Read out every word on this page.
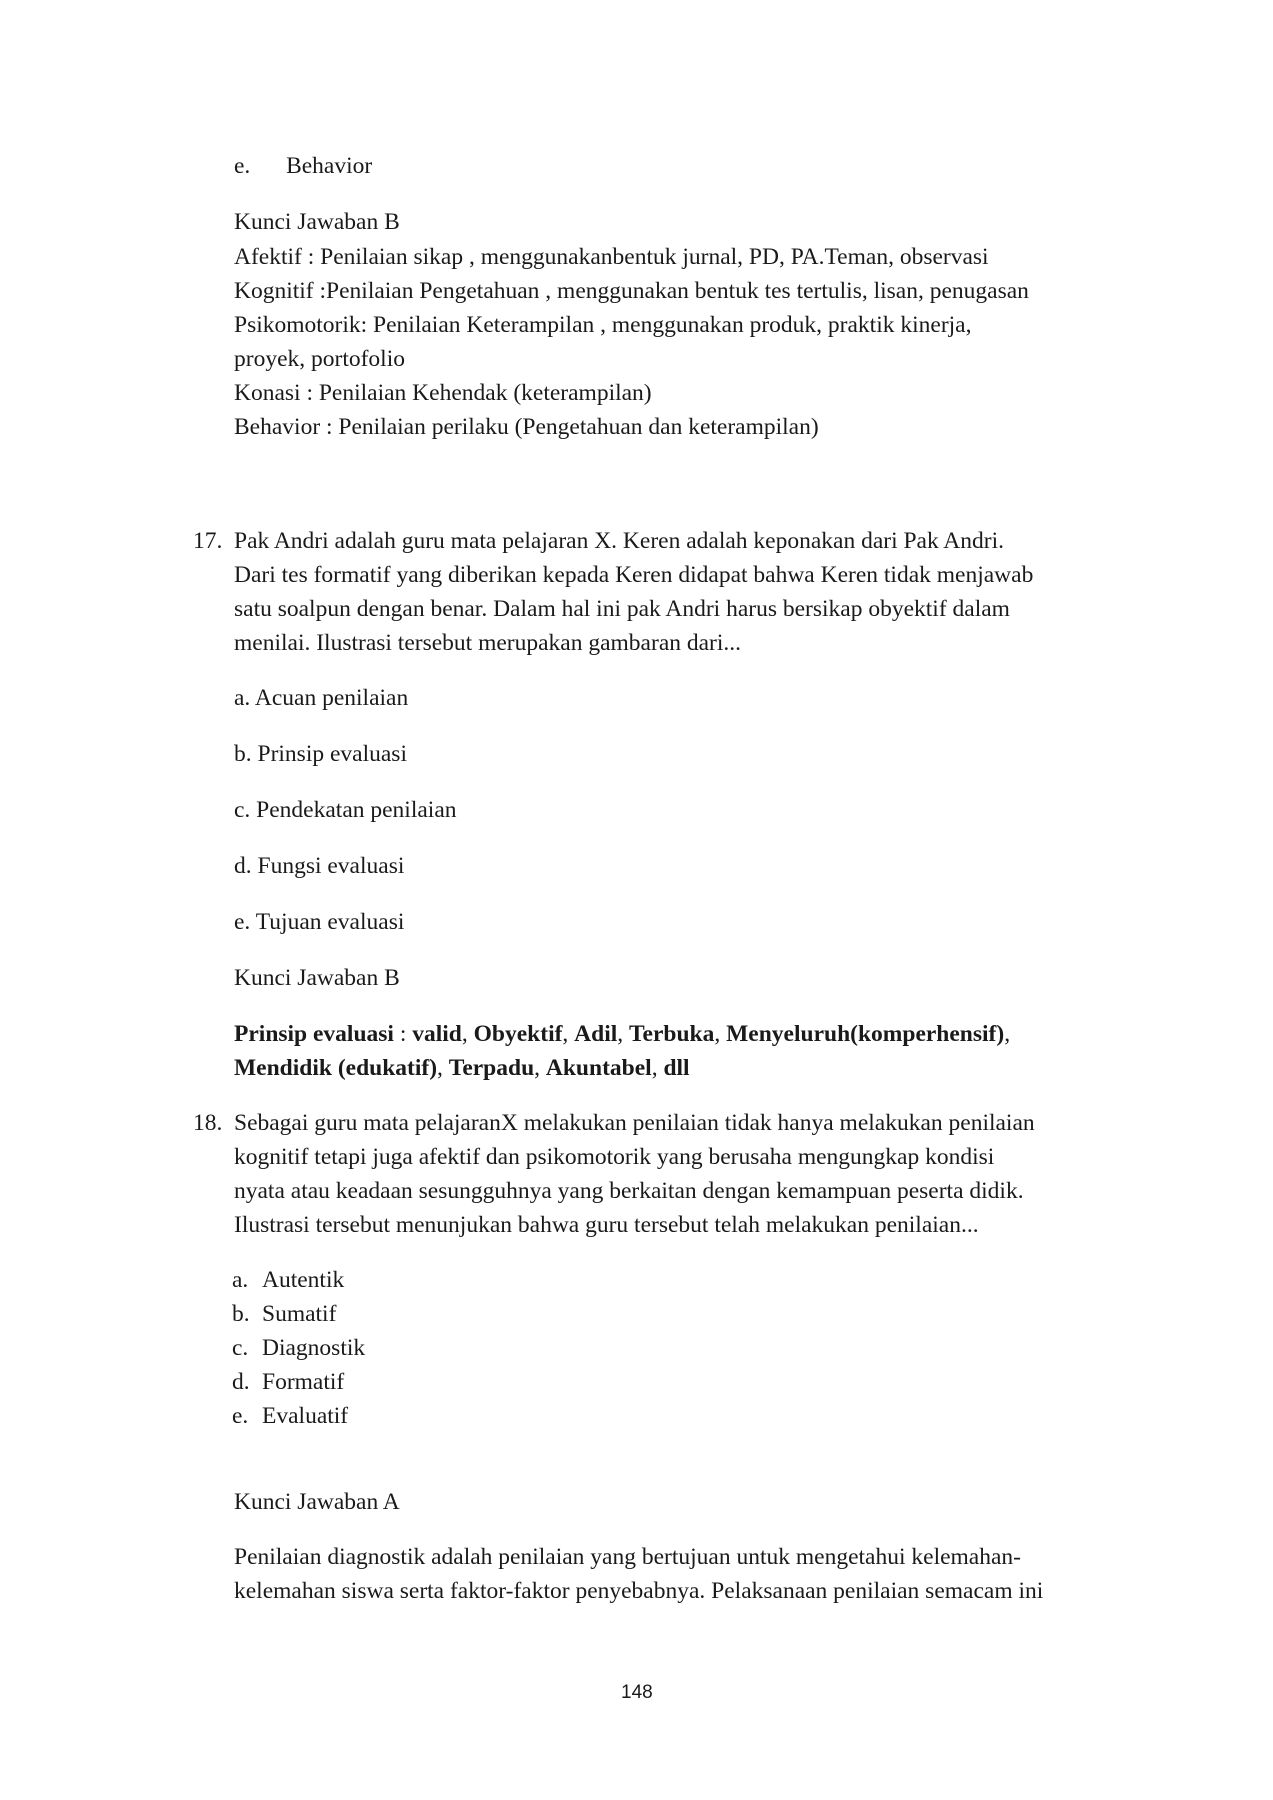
e. Behavior
Kunci Jawaban B
Afektif : Penilaian sikap , menggunakanbentuk jurnal, PD, PA.Teman, observasi
Kognitif :Penilaian Pengetahuan , menggunakan bentuk tes tertulis, lisan, penugasan
Psikomotorik: Penilaian Keterampilan , menggunakan produk, praktik kinerja,
proyek, portofolio
Konasi : Penilaian Kehendak (keterampilan)
Behavior : Penilaian perilaku (Pengetahuan dan keterampilan)
17. Pak Andri adalah guru mata pelajaran X. Keren adalah keponakan dari Pak Andri.
Dari tes formatif yang diberikan kepada Keren didapat bahwa Keren tidak menjawab
satu soalpun dengan benar. Dalam hal ini pak Andri harus bersikap obyektif dalam
menilai. Ilustrasi tersebut merupakan gambaran dari...
a. Acuan penilaian
b. Prinsip evaluasi
c. Pendekatan penilaian
d. Fungsi evaluasi
e. Tujuan evaluasi
Kunci Jawaban B
Prinsip evaluasi : valid, Obyektif, Adil, Terbuka, Menyeluruh(komperhensif),
Mendidik (edukatif), Terpadu, Akuntabel, dll
18. Sebagai guru mata pelajaranX melakukan penilaian tidak hanya melakukan penilaian
kognitif tetapi juga afektif dan psikomotorik yang berusaha mengungkap kondisi
nyata atau keadaan sesungguhnya yang berkaitan dengan kemampuan peserta didik.
Ilustrasi tersebut menunjukan bahwa guru tersebut telah melakukan penilaian...
a. Autentik
b. Sumatif
c. Diagnostik
d. Formatif
e. Evaluatif
Kunci Jawaban A
Penilaian diagnostik adalah penilaian yang bertujuan untuk mengetahui kelemahan-
kelemahan siswa serta faktor-faktor penyebabnya. Pelaksanaan penilaian semacam ini
148
